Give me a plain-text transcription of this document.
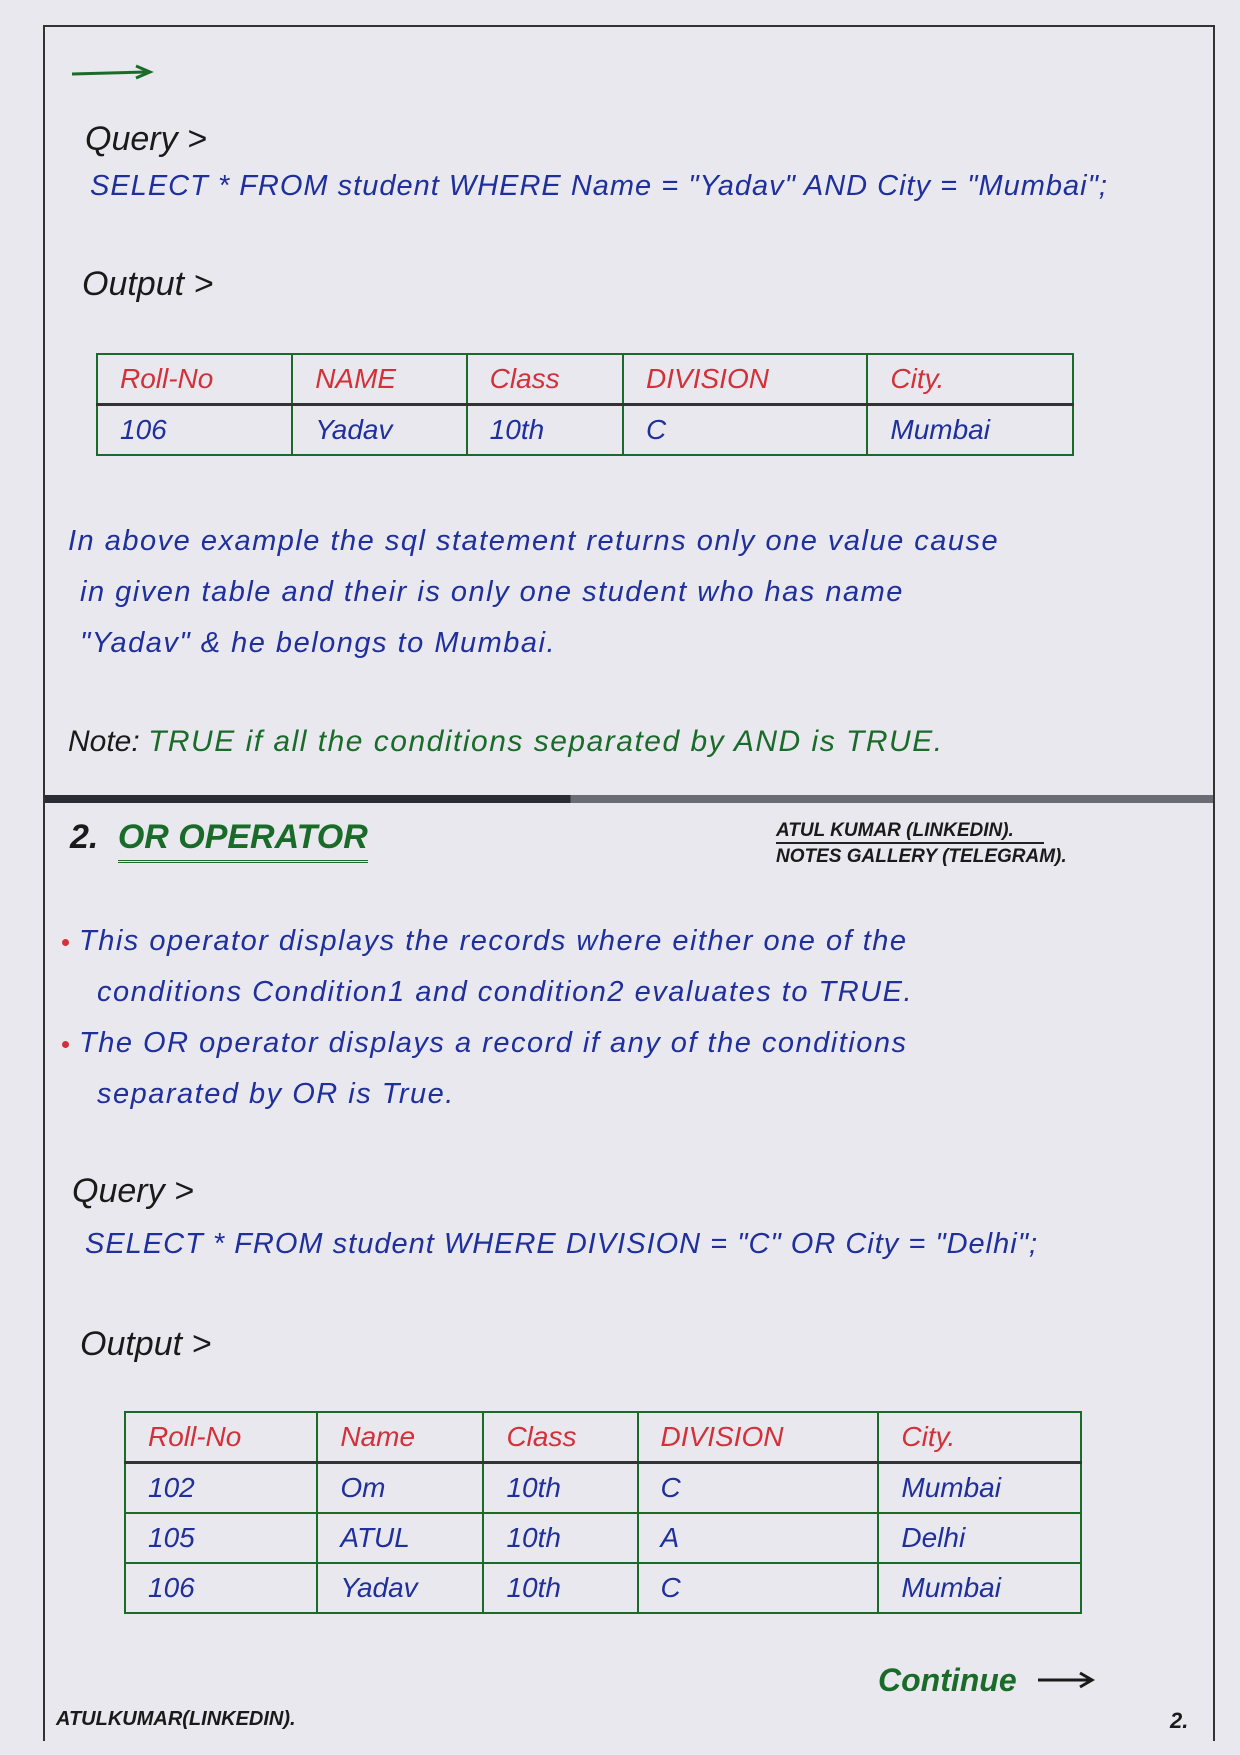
Query >
SELECT * FROM student WHERE Name = "Yadav" AND City = "Mumbai";
Output >
Roll-No	NAME	Class	DIVISION	City.
106	Yadav	10th	C	Mumbai
In above example the sql statement returns only one value cause
in given table and their is only one student who has name
"Yadav" & he belongs to Mumbai.
Note: TRUE if all the conditions separated by AND is TRUE.
2. OR OPERATOR	ATUL KUMAR (LINKEDIN).
NOTES GALLERY (TELEGRAM).
This operator displays the records where either one of the
conditions Condition1 and condition2 evaluates to TRUE.
The OR operator displays a record if any of the conditions
separated by OR is True.
Query >
SELECT * FROM student WHERE DIVISION = "C" OR City = "Delhi";
Output >
Roll-No	Name	Class	DIVISION	City.
102	Om	10th	C	Mumbai
105	ATUL	10th	A	Delhi
106	Yadav	10th	C	Mumbai
Continue
ATULKUMAR(LINKEDIN).	2.
